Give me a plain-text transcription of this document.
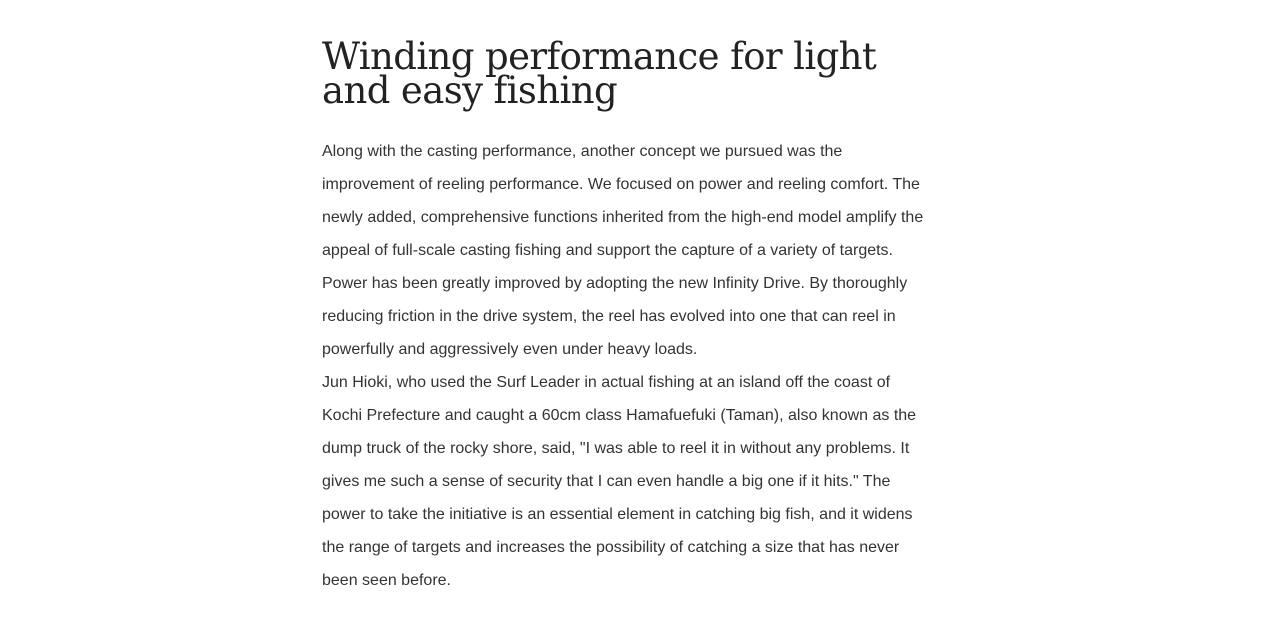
Winding performance for light and easy fishing

Along with the casting performance, another concept we pursued was the improvement of reeling performance. We focused on power and reeling comfort. The newly added, comprehensive functions inherited from the high-end model amplify the appeal of full-scale casting fishing and support the capture of a variety of targets.

Power has been greatly improved by adopting the new Infinity Drive. By thoroughly reducing friction in the drive system, the reel has evolved into one that can reel in powerfully and aggressively even under heavy loads.

Jun Hioki, who used the Surf Leader in actual fishing at an island off the coast of Kochi Prefecture and caught a 60cm class Hamafuefuki (Taman), also known as the dump truck of the rocky shore, said, "I was able to reel it in without any problems. It gives me such a sense of security that I can even handle a big one if it hits." The power to take the initiative is an essential element in catching big fish, and it widens the range of targets and increases the possibility of catching a size that has never been seen before.
